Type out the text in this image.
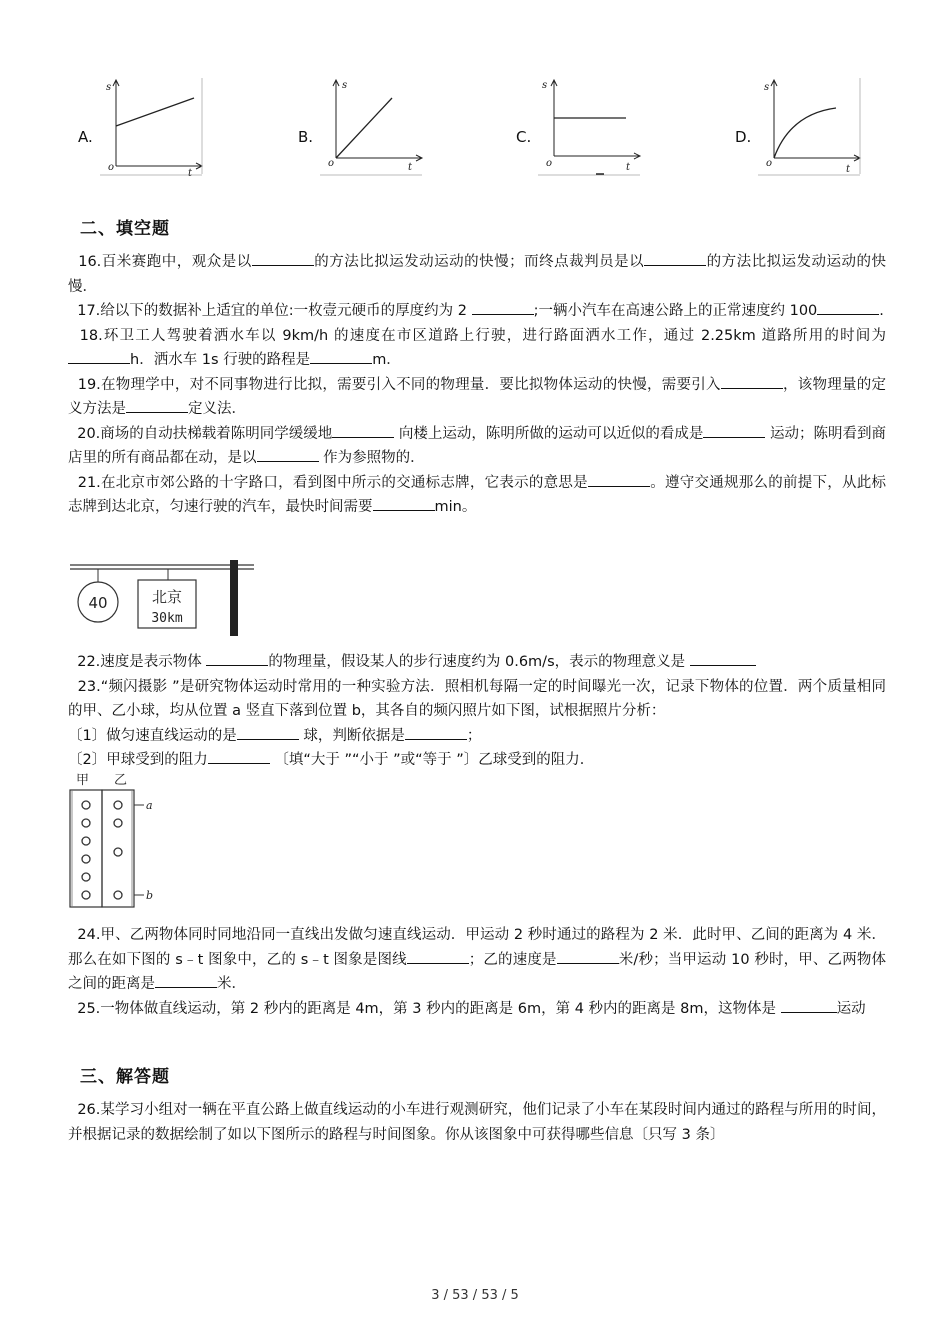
A.
s
o
t
B.
s
o	t
C.
s
o	t
D.
s
o
t
二、填空题

16.百米赛跑中，观众是以	的方法比拟运发动运动的快慢；而终点裁判员是以	的方法比拟运发动运动的快慢．

17.给以下的数据补上适宜的单位:一枚壹元硬币的厚度约为 2	;一辆小汽车在高速公路上的正常速度约 100	.

18.环卫工人驾驶着洒水车以 9km/h 的速度在市区道路上行驶，进行路面洒水工作，通过 2.25km 道路所用的时间为h．洒水车 1s 行驶的路程是	m．

19.在物理学中，对不同事物进行比拟，需要引入不同的物理量．要比拟物体运动的快慢，需要引入	，该物理量的定义方法是	定义法．

20.商场的自动扶梯载着陈明同学缓缓地	向楼上运动，陈明所做的运动可以近似的看成是	运动；陈明看到商店里的所有商品都在动，是以	作为参照物的．

21.在北京市郊公路的十字路口，看到图中所示的交通标志牌，它表示的意思是	。遵守交通规那么的前提下，从此标志牌到达北京，匀速行驶的汽车，最快时间需要	min。

40	北京
30km

22.速度是表示物体	的物理量，假设某人的步行速度约为 0.6m/s，表示的物理意义是

23.“频闪摄影 ”是研究物体运动时常用的一种实验方法．照相机每隔一定的时间曝光一次，记录下物体的位置．两个质量相同的甲、乙小球，均从位置 a 竖直下落到位置 b，其各自的频闪照片如下图，试根据照片分析：

〔1〕做匀速直线运动的是	球，判断依据是	；

〔2〕甲球受到的阻力	〔填“大于 ”“小于 ”或“等于 ”〕乙球受到的阻力．

甲 乙
a
b

24.甲、乙两物体同时同地沿同一直线出发做匀速直线运动．甲运动 2 秒时通过的路程为 2 米．此时甲、乙间的距离为 4 米．那么在如下图的 s﹣t 图象中，乙的 s﹣t 图象是图线	；乙的速度是	米/秒；当甲运动 10 秒时，甲、乙两物体之间的距离是	米．

25.一物体做直线运动，第 2 秒内的距离是 4m，第 3 秒内的距离是 6m，第 4 秒内的距离是 8m，这物体是	运动

三、解答题

26.某学习小组对一辆在平直公路上做直线运动的小车进行观测研究，他们记录了小车在某段时间内通过的路程与所用的时间，并根据记录的数据绘制了如以下图所示的路程与时间图象。你从该图象中可获得哪些信息〔只写 3 条〕

3 / 53 / 53 / 5
